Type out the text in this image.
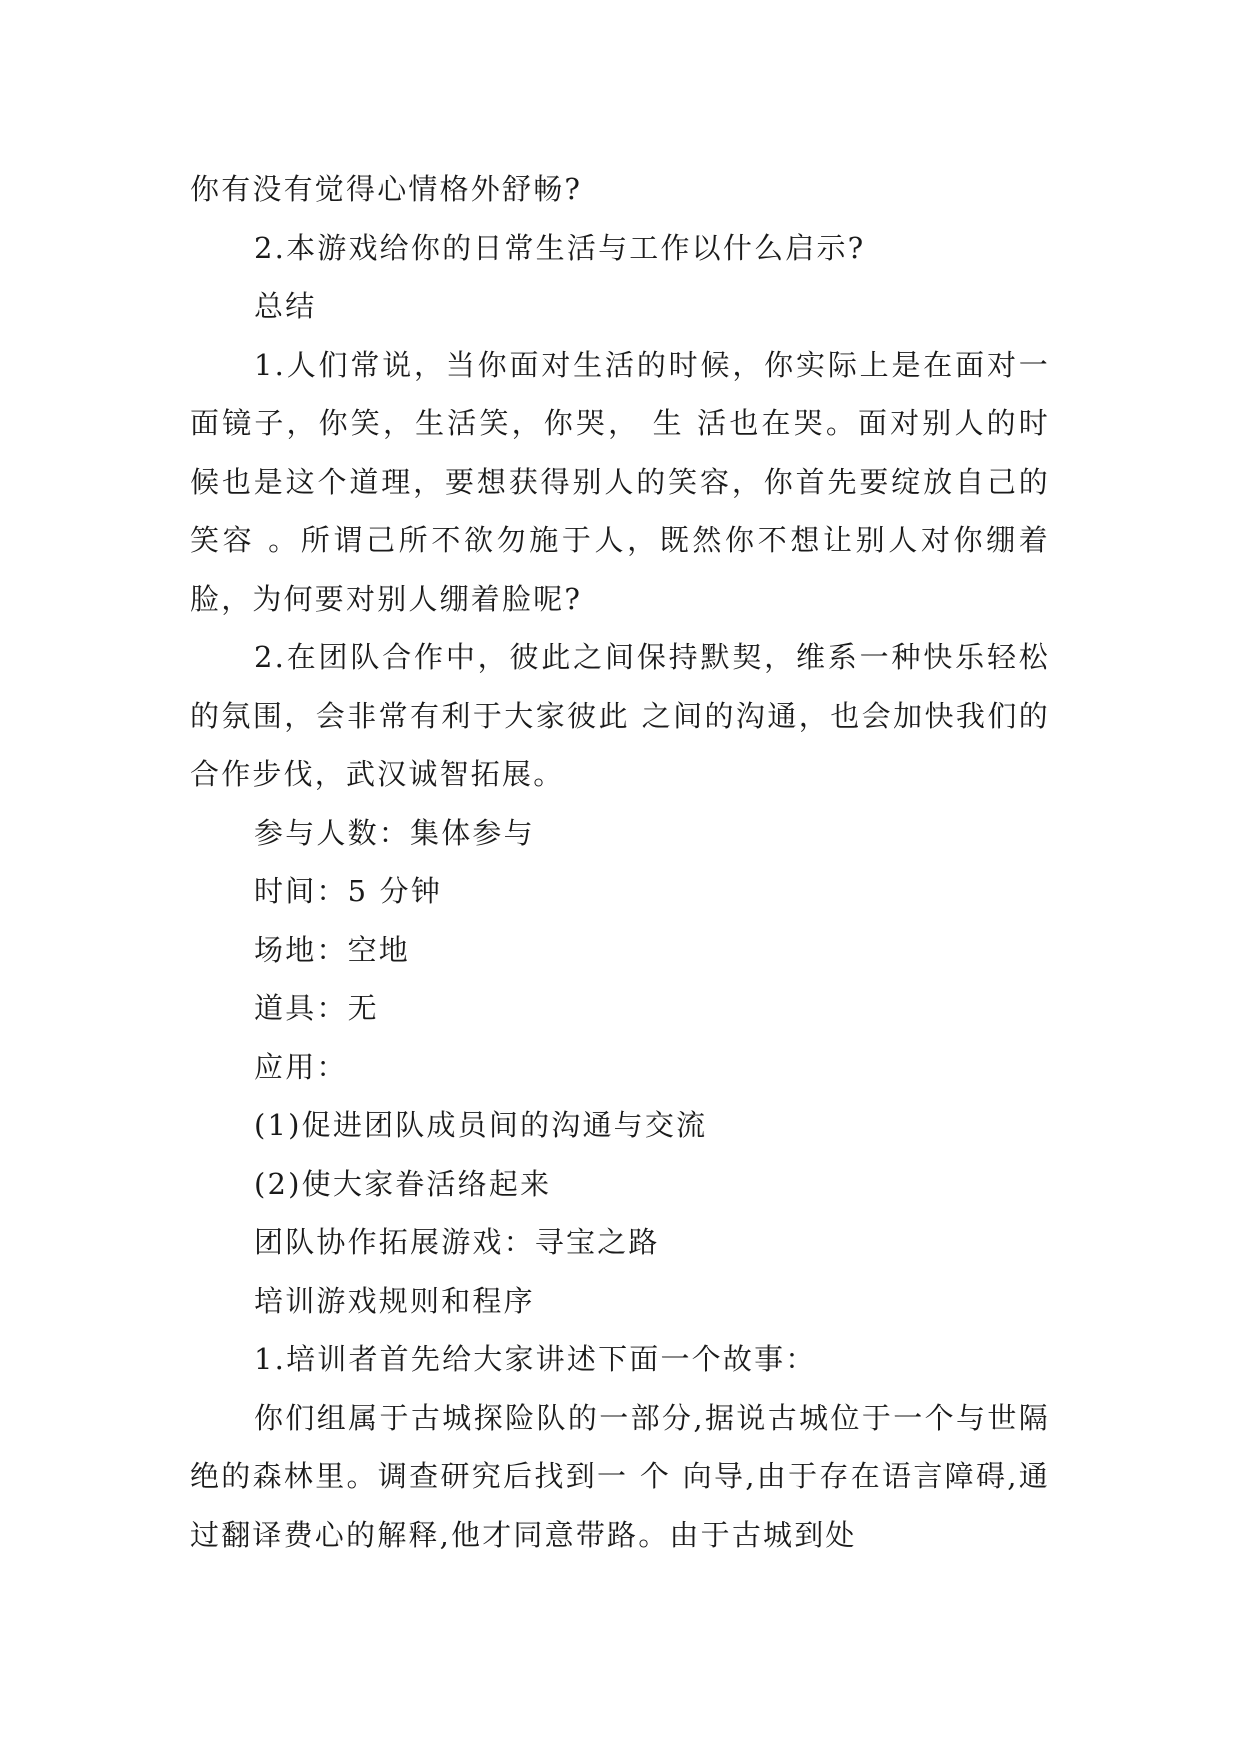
你有没有觉得心情格外舒畅?

2.本游戏给你的日常生活与工作以什么启示?

总结

1.人们常说，当你面对生活的时候，你实际上是在面对一面镜子，你笑，生活笑，你哭， 生 活也在哭。面对别人的时候也是这个道理，要想获得别人的笑容，你首先要绽放自己的笑容 。所谓己所不欲勿施于人，既然你不想让别人对你绷着脸，为何要对别人绷着脸呢?

2.在团队合作中，彼此之间保持默契，维系一种快乐轻松的氛围，会非常有利于大家彼此 之间的沟通，也会加快我们的合作步伐，武汉诚智拓展。

参与人数：集体参与

时间：5 分钟

场地：空地

道具：无

应用：

(1)促进团队成员间的沟通与交流

(2)使大家眷活络起来

团队协作拓展游戏：寻宝之路

培训游戏规则和程序

1.培训者首先给大家讲述下面一个故事：

你们组属于古城探险队的一部分,据说古城位于一个与世隔绝的森林里。调查研究后找到一 个 向导,由于存在语言障碍,通过翻译费心的解释,他才同意带路。由于古城到处
